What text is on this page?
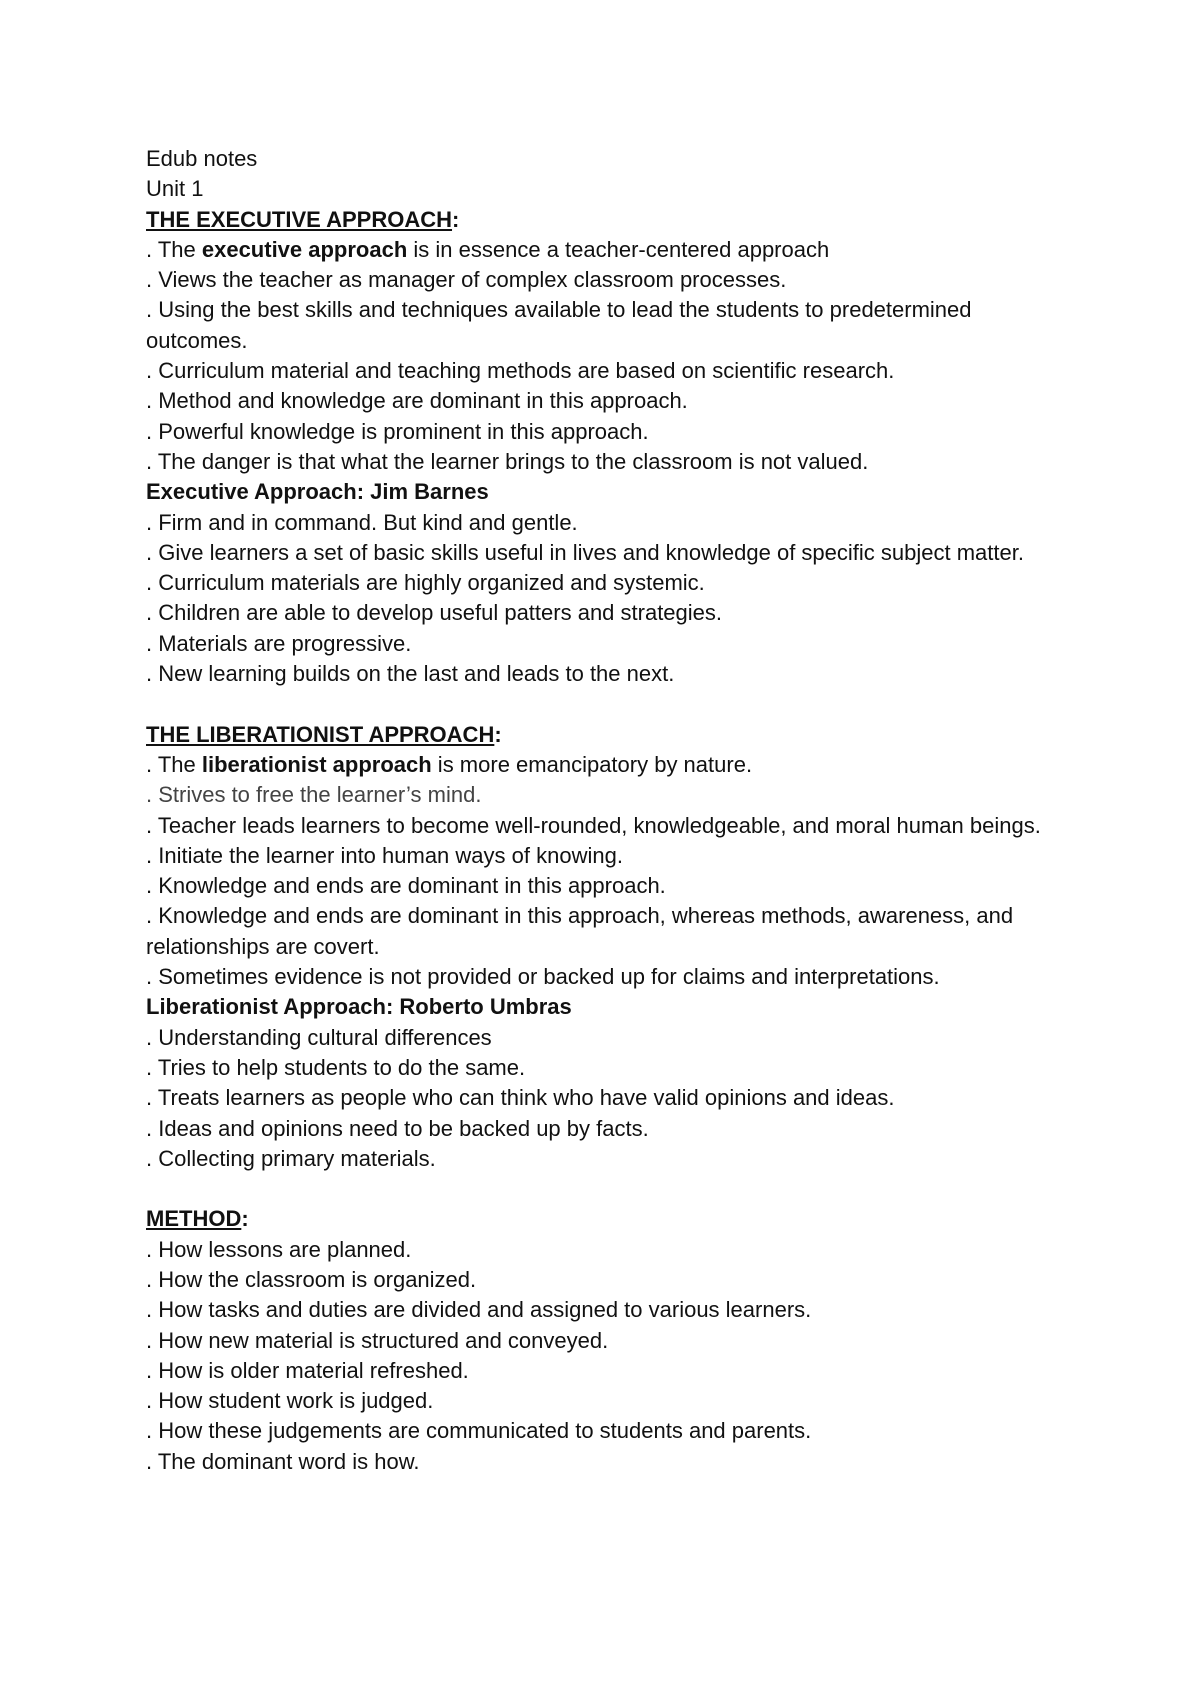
Edub notes

Unit 1

THE EXECUTIVE APPROACH:

. The executive approach is in essence a teacher-centered approach

. Views the teacher as manager of complex classroom processes.

. Using the best skills and techniques available to lead the students to predetermined outcomes.

. Curriculum material and teaching methods are based on scientific research.

. Method and knowledge are dominant in this approach.

. Powerful knowledge is prominent in this approach.

. The danger is that what the learner brings to the classroom is not valued.

Executive Approach: Jim Barnes

. Firm and in command. But kind and gentle.

. Give learners a set of basic skills useful in lives and knowledge of specific subject matter.

. Curriculum materials are highly organized and systemic.

. Children are able to develop useful patters and strategies.

. Materials are progressive.

. New learning builds on the last and leads to the next.

THE LIBERATIONIST APPROACH:

. The liberationist approach is more emancipatory by nature.

. Strives to free the learner’s mind.

. Teacher leads learners to become well-rounded, knowledgeable, and moral human beings.

. Initiate the learner into human ways of knowing.

. Knowledge and ends are dominant in this approach.

. Knowledge and ends are dominant in this approach, whereas methods, awareness, and relationships are covert.

. Sometimes evidence is not provided or backed up for claims and interpretations.

Liberationist Approach: Roberto Umbras

. Understanding cultural differences

. Tries to help students to do the same.

. Treats learners as people who can think who have valid opinions and ideas.

. Ideas and opinions need to be backed up by facts.

. Collecting primary materials.

METHOD:

. How lessons are planned.

. How the classroom is organized.

. How tasks and duties are divided and assigned to various learners.

. How new material is structured and conveyed.

. How is older material refreshed.

. How student work is judged.

. How these judgements are communicated to students and parents.

. The dominant word is how.
